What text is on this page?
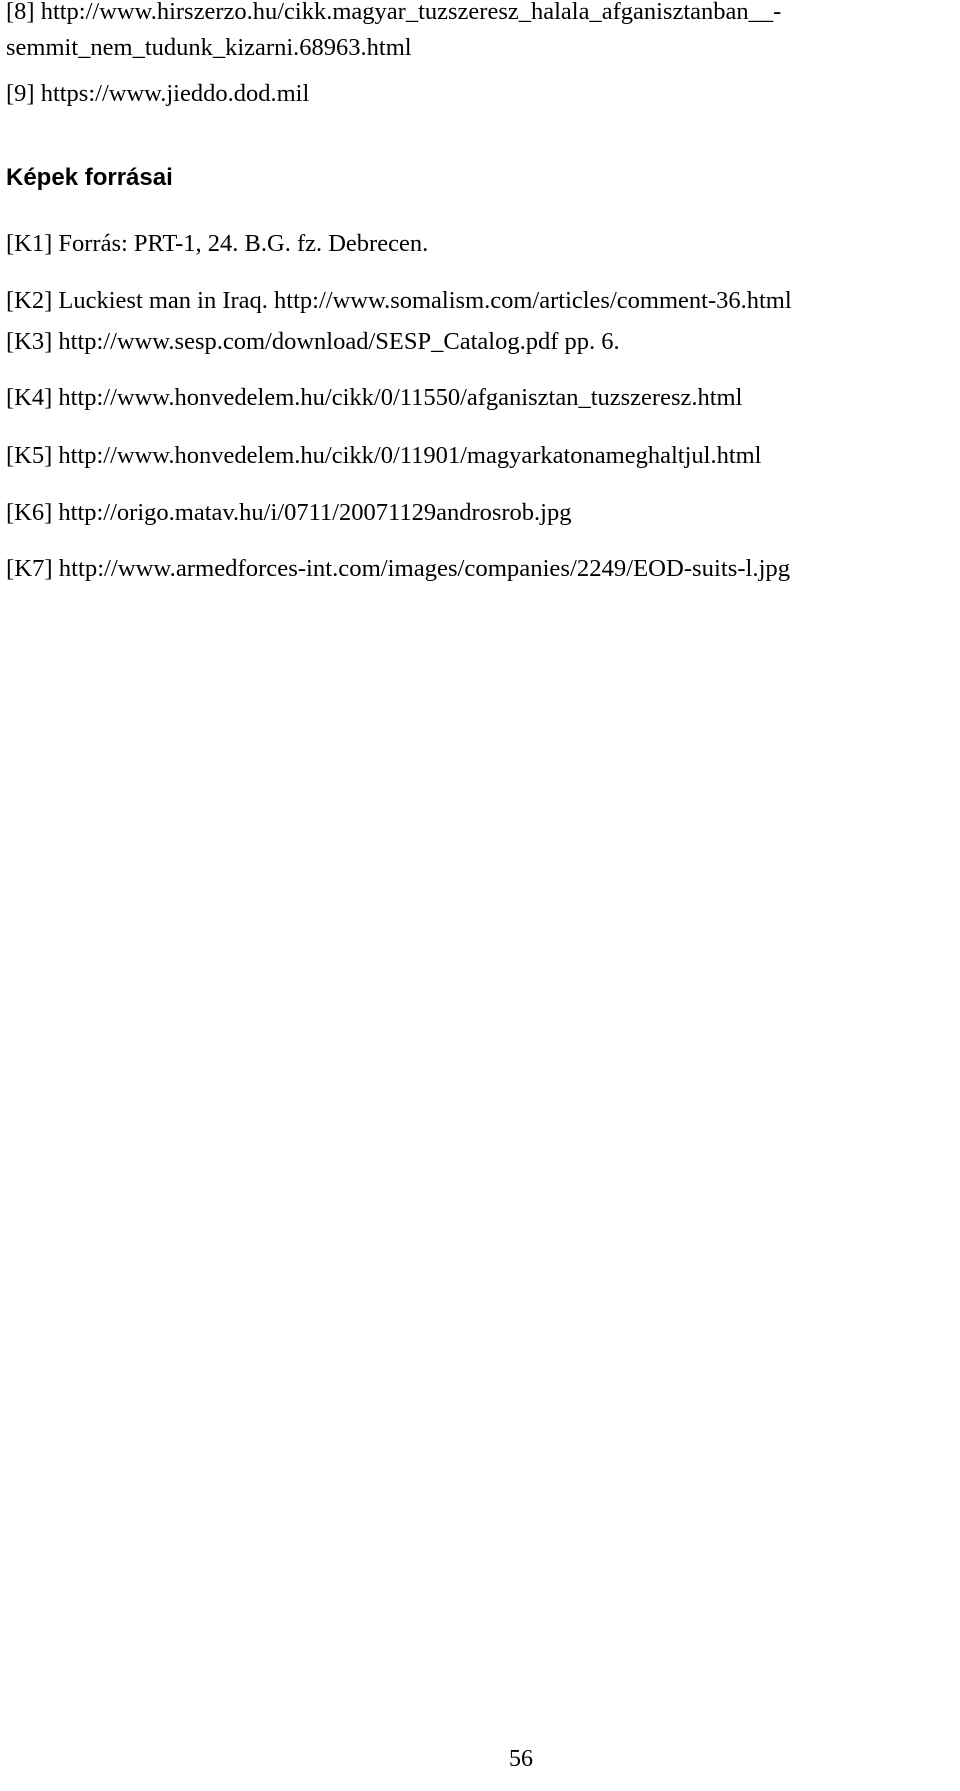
[8] http://www.hirszerzo.hu/cikk.magyar_tuzszeresz_halala_afganisztanban__-
semmit_nem_tudunk_kizarni.68963.html
[9] https://www.jieddo.dod.mil
Képek forrásai
[K1] Forrás: PRT-1, 24. B.G. fz. Debrecen.
[K2] Luckiest man in Iraq. http://www.somalism.com/articles/comment-36.html
[K3] http://www.sesp.com/download/SESP_Catalog.pdf pp. 6.
[K4] http://www.honvedelem.hu/cikk/0/11550/afganisztan_tuzszeresz.html
[K5] http://www.honvedelem.hu/cikk/0/11901/magyarkatonameghaltjul.html
[K6] http://origo.matav.hu/i/0711/20071129androsrob.jpg
[K7] http://www.armedforces-int.com/images/companies/2249/EOD-suits-l.jpg
56
